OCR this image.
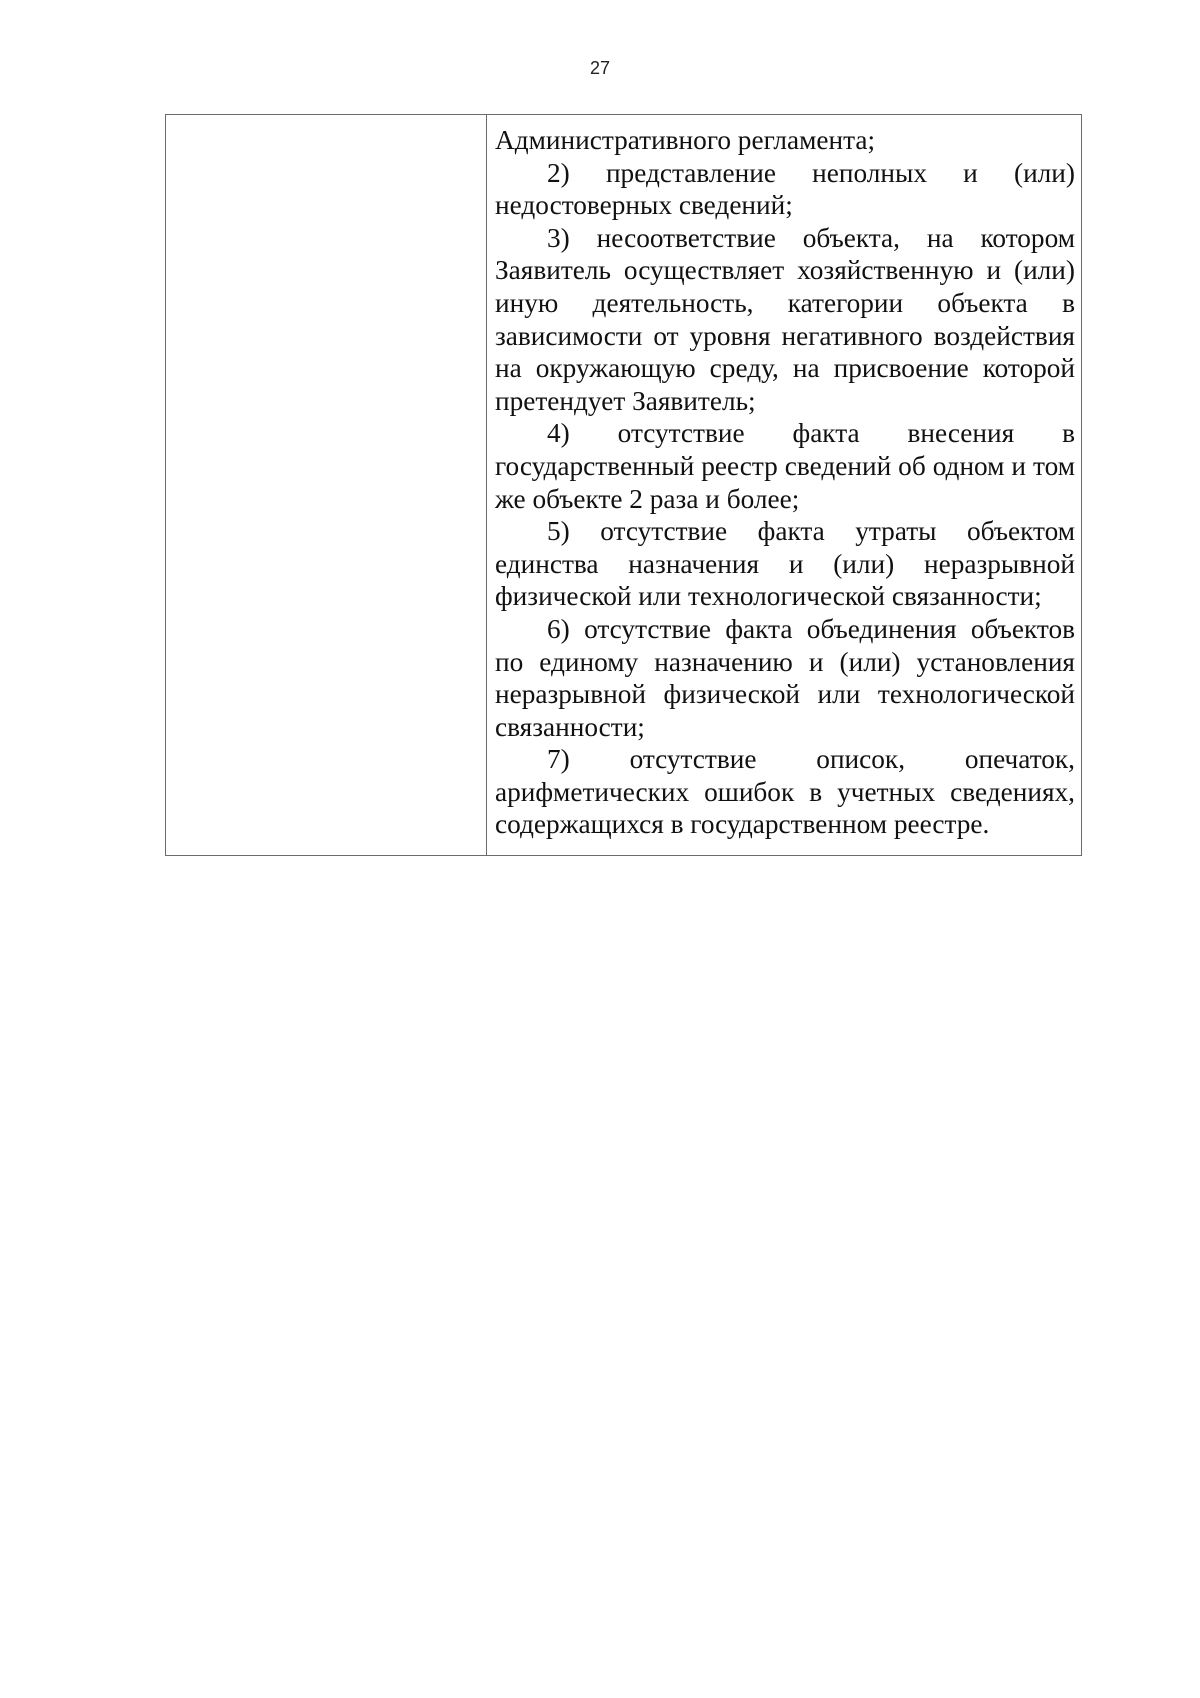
27

Административного регламента;

2) представление неполных и (или) недостоверных сведений;

3) несоответствие объекта, на котором Заявитель осуществляет хозяйственную и (или) иную деятельность, категории объекта в зависимости от уровня негативного воздействия на окружающую среду, на присвоение которой претендует Заявитель;

4) отсутствие факта внесения в государственный реестр сведений об одном и том же объекте 2 раза и более;

5) отсутствие факта утраты объектом единства назначения и (или) неразрывной физической или технологической связанности;

6) отсутствие факта объединения объектов по единому назначению и (или) установления неразрывной физической или технологической связанности;

7) отсутствие описок, опечаток, арифметических ошибок в учетных сведениях, содержащихся в государственном реестре.
